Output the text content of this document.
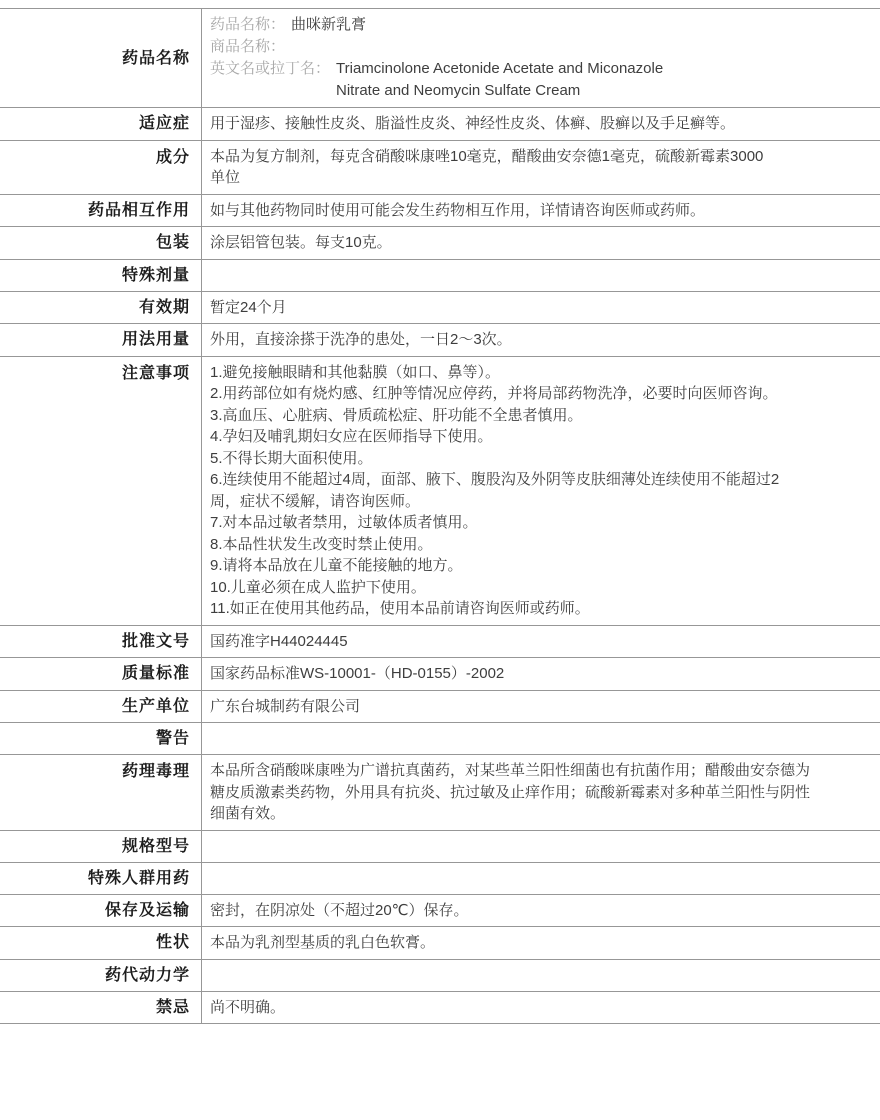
药品名称	
药品名称： 曲咪新乳膏
商品名称：
英文名或拉丁名： Triamcinolone Acetonide Acetate and Miconazole
Nitrate and Neomycin Sulfate Cream

适应症	用于湿疹、接触性皮炎、脂溢性皮炎、神经性皮炎、体癣、股癣以及手足癣等。
成分	本品为复方制剂，每克含硝酸咪康唑10毫克，醋酸曲安奈德1毫克，硫酸新霉素3000
单位

药品相互作用	如与其他药物同时使用可能会发生药物相互作用，详情请咨询医师或药师。
包装	涂层铝管包装。每支10克。
特殊剂量	
有效期	暂定24个月
用法用量	外用，直接涂搽于洗净的患处，一日2～3次。
注意事项	1.避免接触眼睛和其他黏膜（如口、鼻等）。
2.用药部位如有烧灼感、红肿等情况应停药，并将局部药物洗净，必要时向医师咨询。
3.高血压、心脏病、骨质疏松症、肝功能不全患者慎用。
4.孕妇及哺乳期妇女应在医师指导下使用。
5.不得长期大面积使用。
6.连续使用不能超过4周，面部、腋下、腹股沟及外阴等皮肤细薄处连续使用不能超过2
周，症状不缓解，请咨询医师。
7.对本品过敏者禁用，过敏体质者慎用。
8.本品性状发生改变时禁止使用。
9.请将本品放在儿童不能接触的地方。
10.儿童必须在成人监护下使用。
11.如正在使用其他药品，使用本品前请咨询医师或药师。

批准文号	国药准字H44024445
质量标准	国家药品标准WS-10001-（HD-0155）-2002
生产单位	广东台城制药有限公司
警告	
药理毒理	本品所含硝酸咪康唑为广谱抗真菌药，对某些革兰阳性细菌也有抗菌作用；醋酸曲安奈德为
糖皮质激素类药物，外用具有抗炎、抗过敏及止痒作用；硫酸新霉素对多种革兰阳性与阴性
细菌有效。

规格型号	
特殊人群用药	
保存及运输	密封，在阴凉处（不超过20℃）保存。
性状	本品为乳剂型基质的乳白色软膏。
药代动力学	
禁忌	尚不明确。
